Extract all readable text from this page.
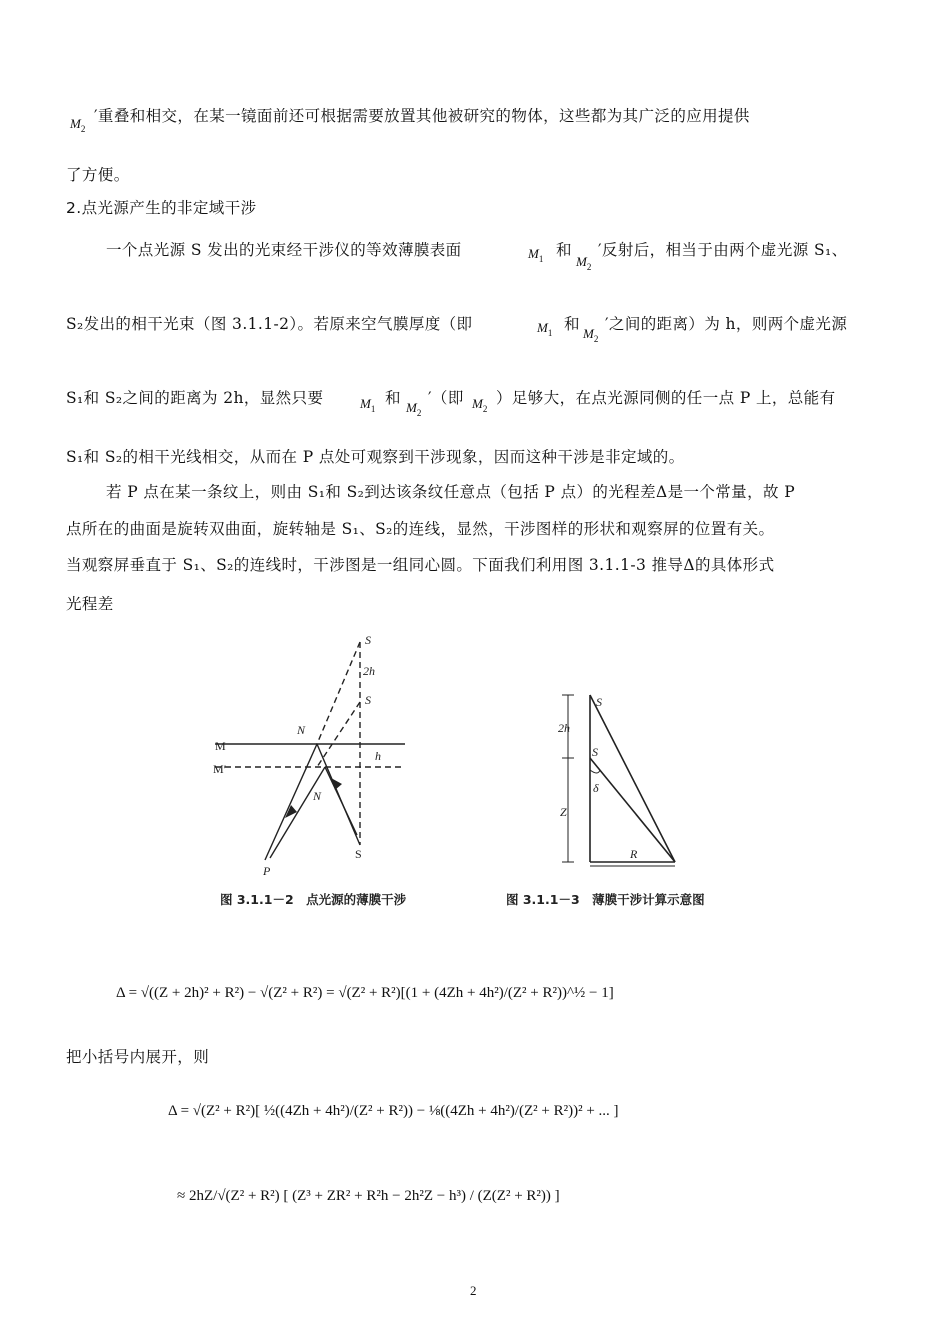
$M_2$
′重叠和相交，在某一镜面前还可根据需要放置其他被研究的物体，这些都为其广泛的应用提供
了方便。
2.点光源产生的非定域干涉
一个点光源 S 发出的光束经干涉仪的等效薄膜表面	$M_1$ 和
$M_2$
′反射后，相当于由两个虚光源 S₁、
S₂发出的相干光束（图 3.1.1-2）。若原来空气膜厚度（即	$M_1$ 和
$M_2$
′之间的距离）为 h，则两个虚光源
S₁和 S₂之间的距离为 2h，显然只要	$M_1$
和
$M_2$
′（即 $M_2$
）足够大，在点光源同侧的任一点 P 上，总能有
S₁和 S₂的相干光线相交，从而在 P 点处可观察到干涉现象，因而这种干涉是非定域的。
若 P 点在某一条纹上，则由 S₁和 S₂到达该条纹任意点（包括 P 点）的光程差Δ是一个常量，故 P
点所在的曲面是旋转双曲面，旋转轴是 S₁、S₂的连线，显然，干涉图样的形状和观察屏的位置有关。
当观察屏垂直于 S₁、S₂的连线时，干涉图是一组同心圆。下面我们利用图 3.1.1-3 推导Δ的具体形式
光程差
S
2h
S
N
N
h
P
M
M′
S
图 3.1.1－2　点光源的薄膜干涉
S
2h
S
δ
Z
R
图 3.1.1－3　薄膜干涉计算示意图
Δ = √((Z + 2h)² + R²) − √(Z² + R²) = √(Z² + R²)[(1 + (4Zh + 4h²)/(Z² + R²))^½ − 1]
把小括号内展开，则
Δ = √(Z² + R²)[ ½((4Zh + 4h²)/(Z² + R²)) − ⅛((4Zh + 4h²)/(Z² + R²))² + ... ]
≈ 2hZ/√(Z² + R²) [ (Z³ + ZR² + R²h − 2h²Z − h³) / (Z(Z² + R²)) ]
2
